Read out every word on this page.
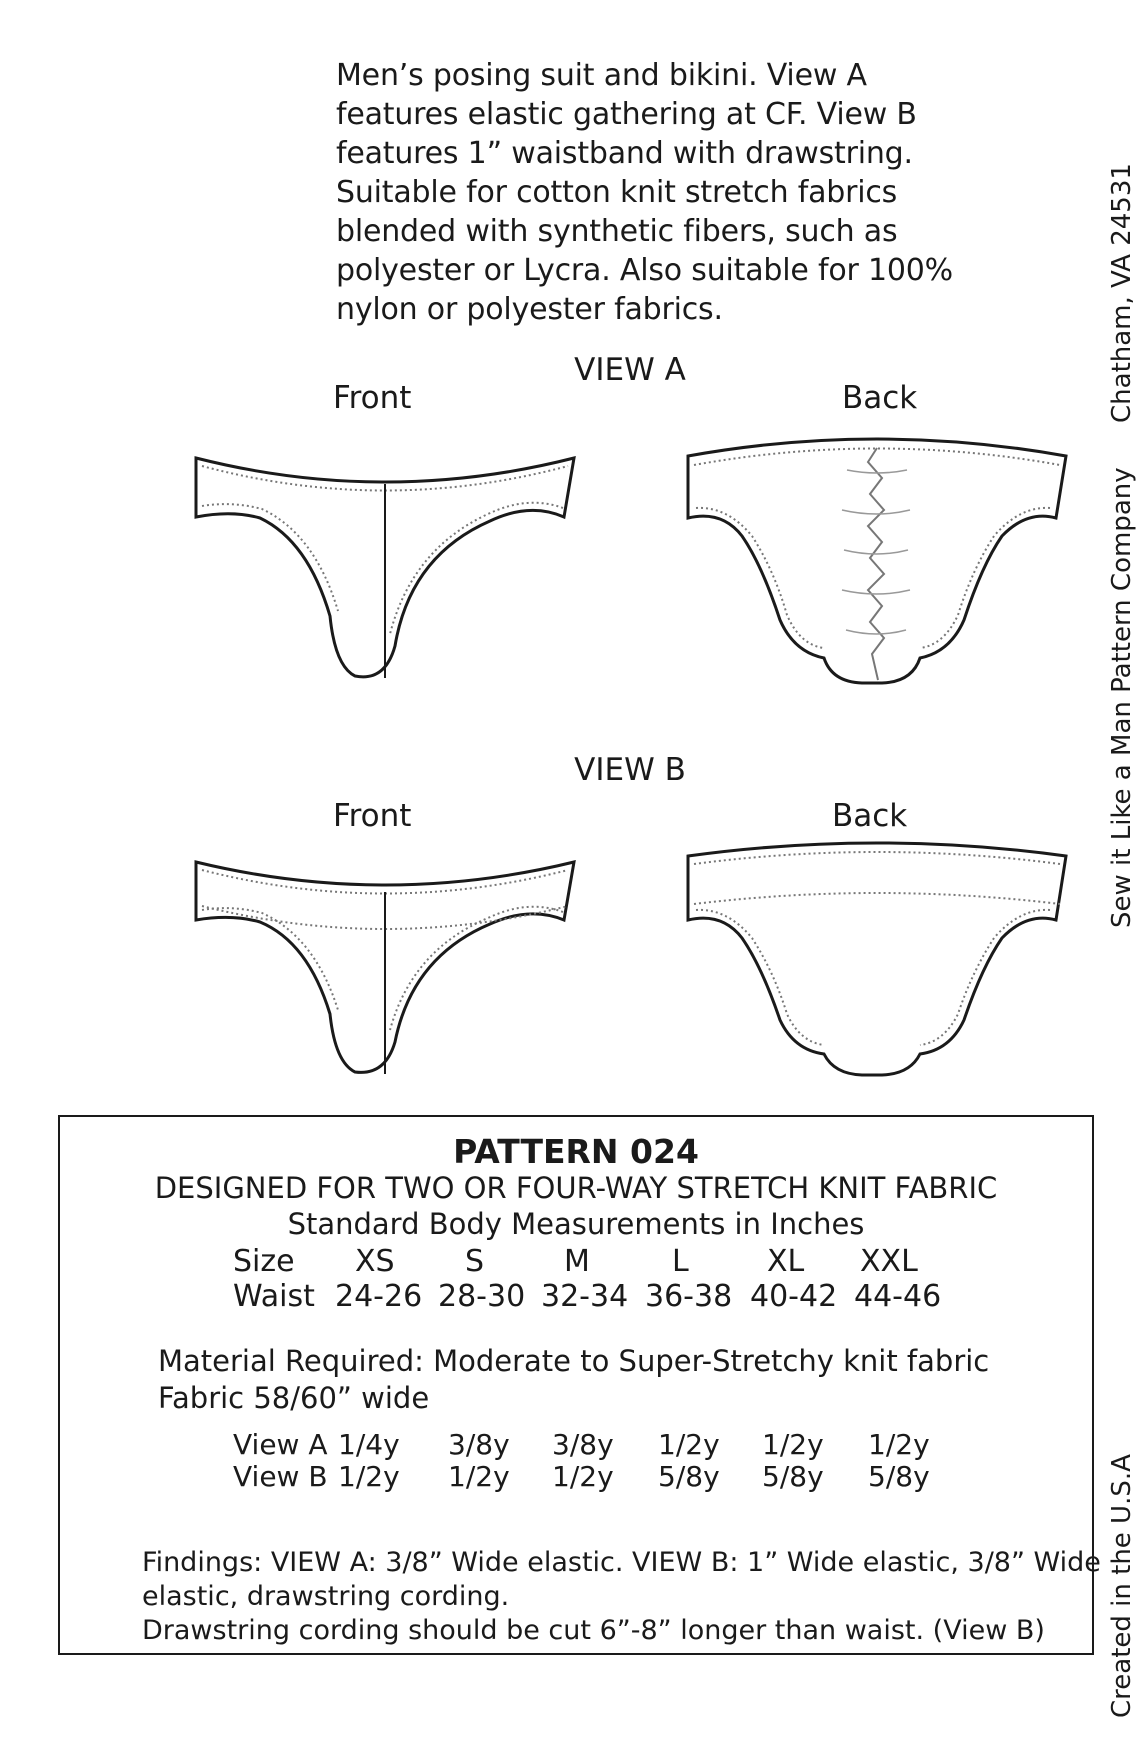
Men’s posing suit and bikini. View A
features elastic gathering at CF. View B
features 1” waistband with drawstring.
Suitable for cotton knit stretch fabrics
blended with synthetic fibers, such as
polyester or Lycra. Also suitable for 100%
nylon or polyester fabrics.
VIEW A
Front	Back
VIEW B
Front	Back
Chatham, VA 24531
Sew it Like a Man Pattern Company
Created in the U.S.A
PATTERN 024
DESIGNED FOR TWO OR FOUR-WAY STRETCH KNIT FABRIC
Standard Body Measurements in Inches
Size XS S	M	L	XL XXL
Waist 24-26 28-30 32-34 36-38 40-42 44-46
Material Required: Moderate to Super-Stretchy knit fabric
Fabric 58/60” wide
View A 1/4y 3/8y 3/8y 1/2y 1/2y 1/2y
View B 1/2y 1/2y 1/2y 5/8y 5/8y 5/8y
Findings: VIEW A: 3/8” Wide elastic. VIEW B: 1” Wide elastic, 3/8” Wide
elastic, drawstring cording.
Drawstring cording should be cut 6”-8” longer than waist. (View B)
